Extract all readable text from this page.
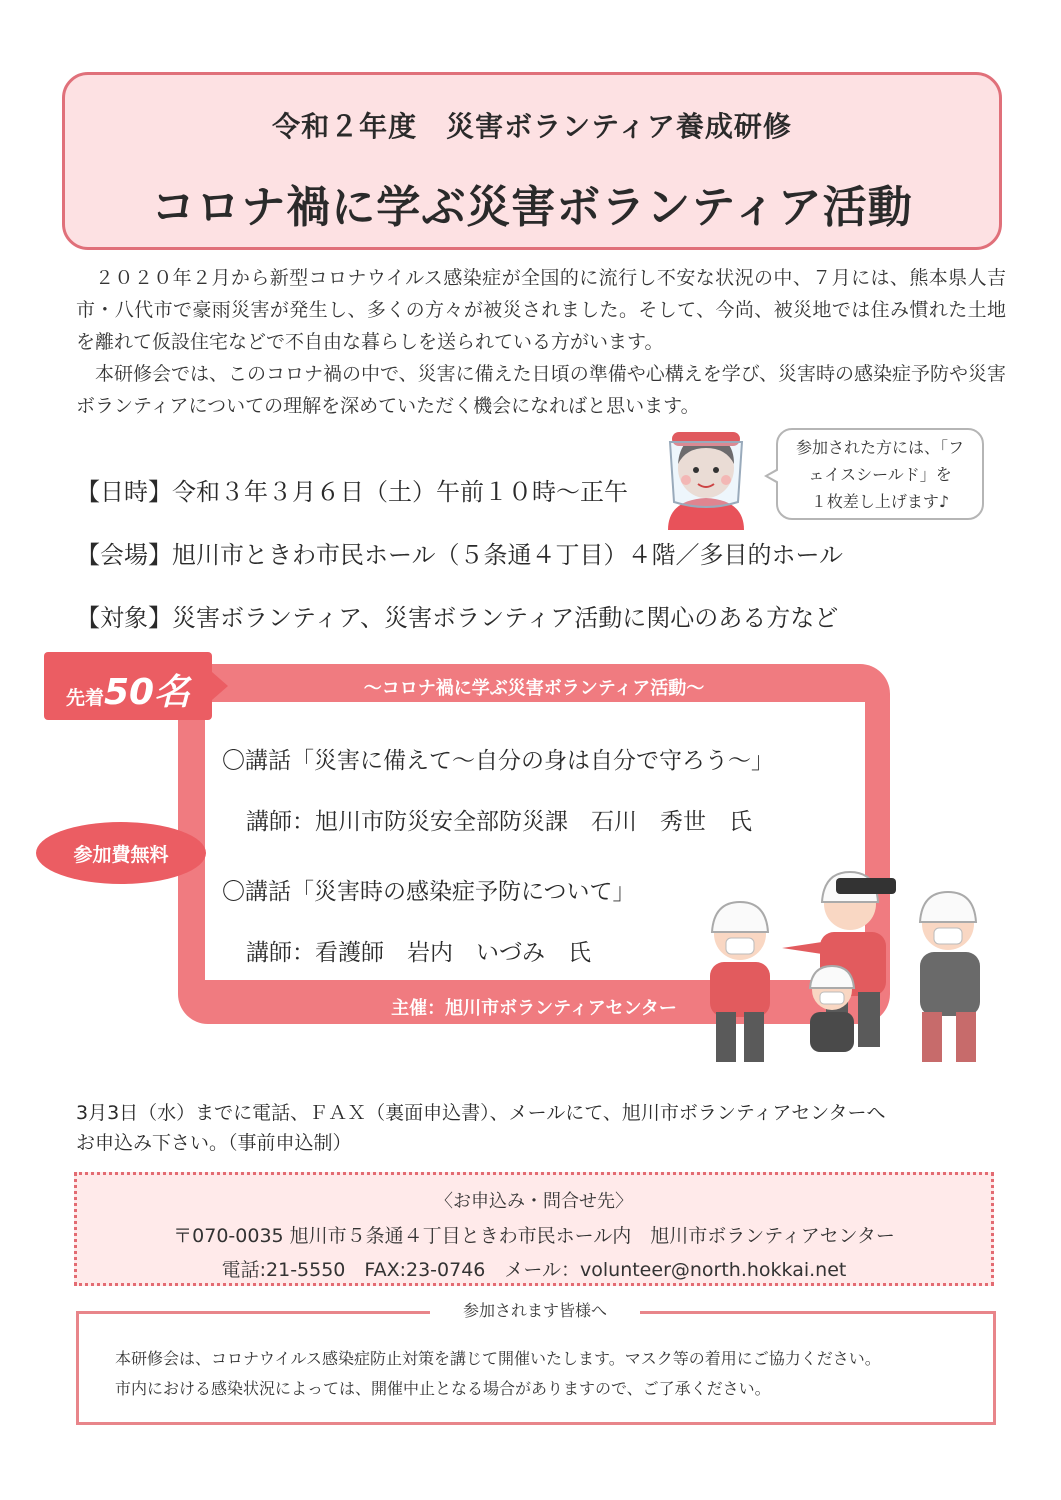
令和２年度　災害ボランティア養成研修
コロナ禍に学ぶ災害ボランティア活動

２０２０年２月から新型コロナウイルス感染症が全国的に流行し不安な状況の中、７月には、熊本県人吉市・八代市で豪雨災害が発生し、多くの方々が被災されました。そして、今尚、被災地では住み慣れた土地を離れて仮設住宅などで不自由な暮らしを送られている方がいます。

本研修会では、このコロナ禍の中で、災害に備えた日頃の準備や心構えを学び、災害時の感染症予防や災害ボランティアについての理解を深めていただく機会になればと思います。

参加された方には、「フ
ェイスシールド」を
１枚差し上げます♪
【日時】令和３年３月６日（土）午前１０時～正午
【会場】旭川市ときわ市民ホール（５条通４丁目）４階／多目的ホール
【対象】災害ボランティア、災害ボランティア活動に関心のある方など
～コロナ禍に学ぶ災害ボランティア活動～
〇講話「災害に備えて～自分の身は自分で守ろう～」
講師：旭川市防災安全部防災課　石川　秀世　氏
〇講話「災害時の感染症予防について」
講師：看護師　岩内　いづみ　氏
主催：旭川市ボランティアセンター
先着 50名
参加費無料
3月3日（水）までに電話、ＦＡＸ（裏面申込書）、メールにて、旭川市ボランティアセンターへ
お申込み下さい。（事前申込制）
〈お申込み・問合せ先〉
〒070-0035 旭川市５条通４丁目ときわ市民ホール内　旭川市ボランティアセンター
電話:21-5550　FAX:23-0746　メール：volunteer@north.hokkai.net
本研修会は、コロナウイルス感染症防止対策を講じて開催いたします。マスク等の着用にご協力ください。
市内における感染状況によっては、開催中止となる場合がありますので、ご了承ください。
参加されます皆様へ
